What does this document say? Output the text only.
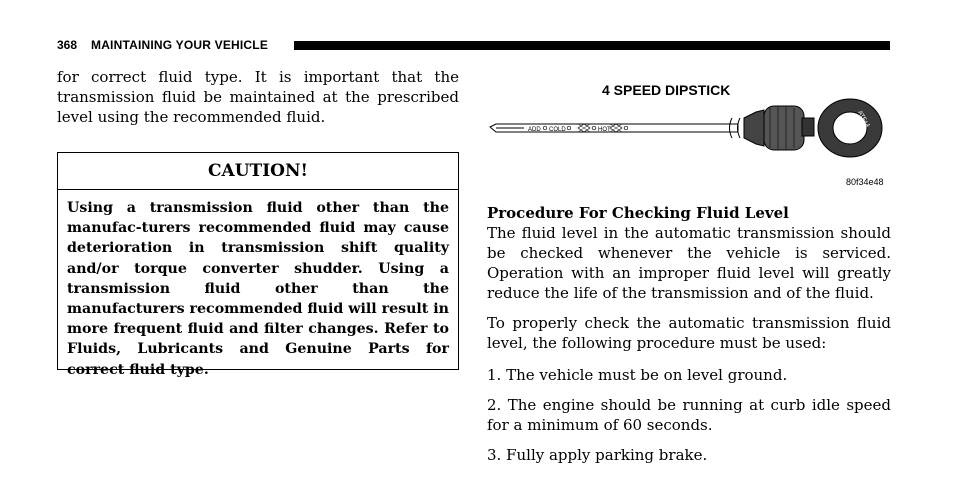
368 MAINTAINING YOUR VEHICLE

for correct fluid type. It is important that the transmission fluid be maintained at the prescribed level using the recommended fluid.

CAUTION!
Using a transmission fluid other than the manufac-turers recommended fluid may cause deterioration in transmission shift quality and/or torque converter shudder. Using a transmission fluid other than the manufacturers recommended fluid will result in more frequent fluid and filter changes. Refer to Fluids, Lubricants and Genuine Parts for correct fluid type.
4 SPEED DIPSTICK
ADD COLD	HOT
ATF+4
80f34e48
Procedure For Checking Fluid Level

The fluid level in the automatic transmission should be checked whenever the vehicle is serviced. Operation with an improper fluid level will greatly reduce the life of the transmission and of the fluid.

To properly check the automatic transmission fluid level, the following procedure must be used:

1. The vehicle must be on level ground.

2. The engine should be running at curb idle speed for a minimum of 60 seconds.

3. Fully apply parking brake.
